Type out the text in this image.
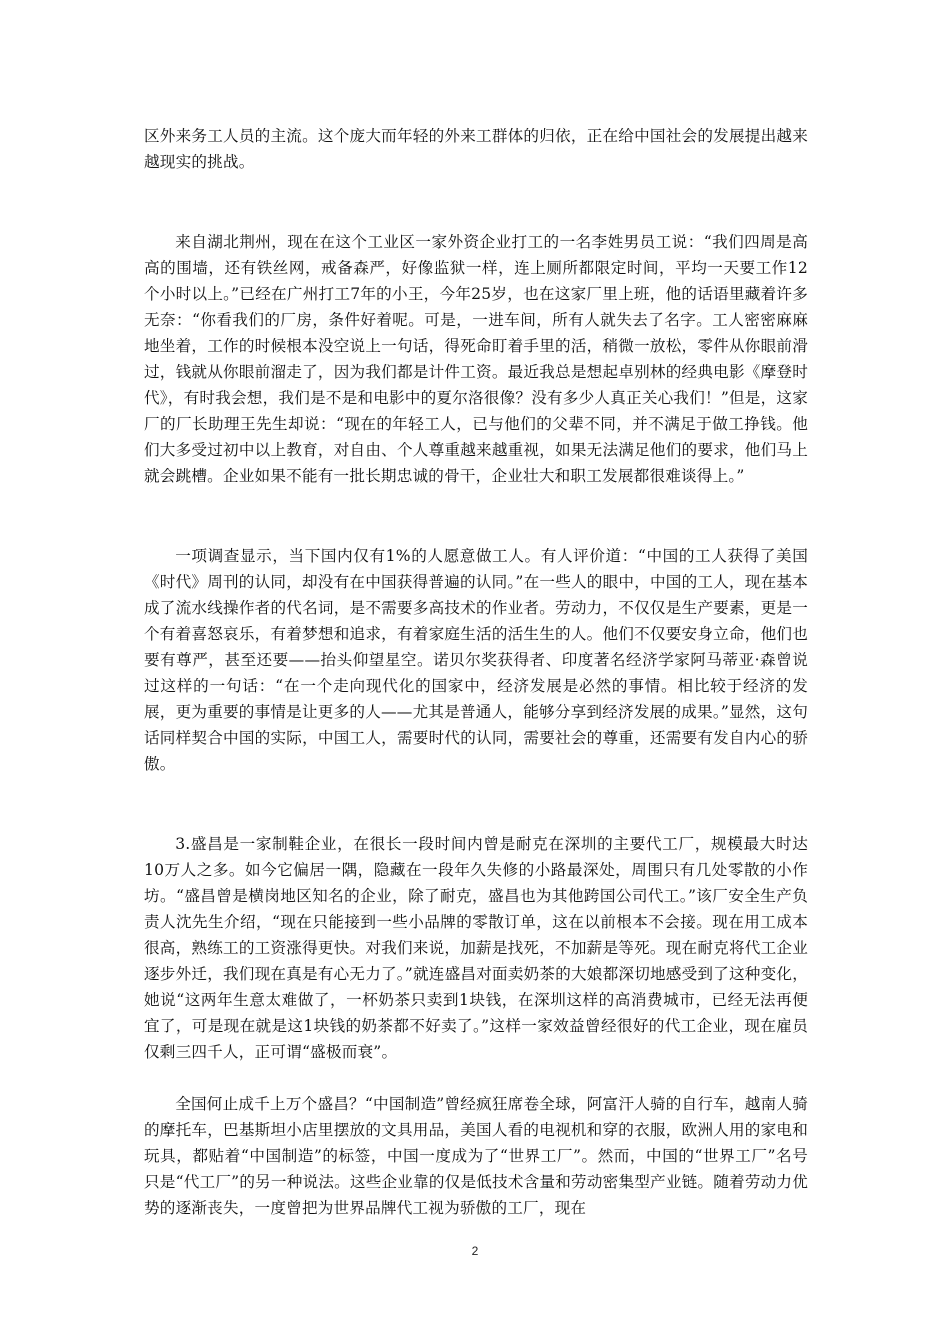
区外来务工人员的主流。这个庞大而年轻的外来工群体的归依，正在给中国社会的发展提出越来越现实的挑战。

来自湖北荆州，现在在这个工业区一家外资企业打工的一名李姓男员工说：“我们四周是高高的围墙，还有铁丝网，戒备森严，好像监狱一样，连上厕所都限定时间，平均一天要工作12个小时以上。”已经在广州打工7年的小王，今年25岁，也在这家厂里上班，他的话语里藏着许多无奈：“你看我们的厂房，条件好着呢。可是，一进车间，所有人就失去了名字。工人密密麻麻地坐着，工作的时候根本没空说上一句话，得死命盯着手里的活，稍微一放松，零件从你眼前滑过，钱就从你眼前溜走了，因为我们都是计件工资。最近我总是想起卓别林的经典电影《摩登时代》，有时我会想，我们是不是和电影中的夏尔洛很像？没有多少人真正关心我们！”但是，这家厂的厂长助理王先生却说：“现在的年轻工人，已与他们的父辈不同，并不满足于做工挣钱。他们大多受过初中以上教育，对自由、个人尊重越来越重视，如果无法满足他们的要求，他们马上就会跳槽。企业如果不能有一批长期忠诚的骨干，企业壮大和职工发展都很难谈得上。”

一项调查显示，当下国内仅有1%的人愿意做工人。有人评价道：“中国的工人获得了美国《时代》周刊的认同，却没有在中国获得普遍的认同。”在一些人的眼中，中国的工人，现在基本成了流水线操作者的代名词，是不需要多高技术的作业者。劳动力，不仅仅是生产要素，更是一个有着喜怒哀乐，有着梦想和追求，有着家庭生活的活生生的人。他们不仅要安身立命，他们也要有尊严，甚至还要——抬头仰望星空。诺贝尔奖获得者、印度著名经济学家阿马蒂亚·森曾说过这样的一句话：“在一个走向现代化的国家中，经济发展是必然的事情。相比较于经济的发展，更为重要的事情是让更多的人——尤其是普通人，能够分享到经济发展的成果。”显然，这句话同样契合中国的实际，中国工人，需要时代的认同，需要社会的尊重，还需要有发自内心的骄傲。

3.盛昌是一家制鞋企业，在很长一段时间内曾是耐克在深圳的主要代工厂，规模最大时达10万人之多。如今它偏居一隅，隐藏在一段年久失修的小路最深处，周围只有几处零散的小作坊。“盛昌曾是横岗地区知名的企业，除了耐克，盛昌也为其他跨国公司代工。”该厂安全生产负责人沈先生介绍，“现在只能接到一些小品牌的零散订单，这在以前根本不会接。现在用工成本很高，熟练工的工资涨得更快。对我们来说，加薪是找死，不加薪是等死。现在耐克将代工企业逐步外迁，我们现在真是有心无力了。”就连盛昌对面卖奶茶的大娘都深切地感受到了这种变化，她说“这两年生意太难做了，一杯奶茶只卖到1块钱，在深圳这样的高消费城市，已经无法再便宜了，可是现在就是这1块钱的奶茶都不好卖了。”这样一家效益曾经很好的代工企业，现在雇员仅剩三四千人，正可谓“盛极而衰”。

全国何止成千上万个盛昌？“中国制造”曾经疯狂席卷全球，阿富汗人骑的自行车，越南人骑的摩托车，巴基斯坦小店里摆放的文具用品，美国人看的电视机和穿的衣服，欧洲人用的家电和玩具，都贴着“中国制造”的标签，中国一度成为了“世界工厂”。然而，中国的“世界工厂”名号只是“代工厂”的另一种说法。这些企业靠的仅是低技术含量和劳动密集型产业链。随着劳动力优势的逐渐丧失，一度曾把为世界品牌代工视为骄傲的工厂，现在

2
